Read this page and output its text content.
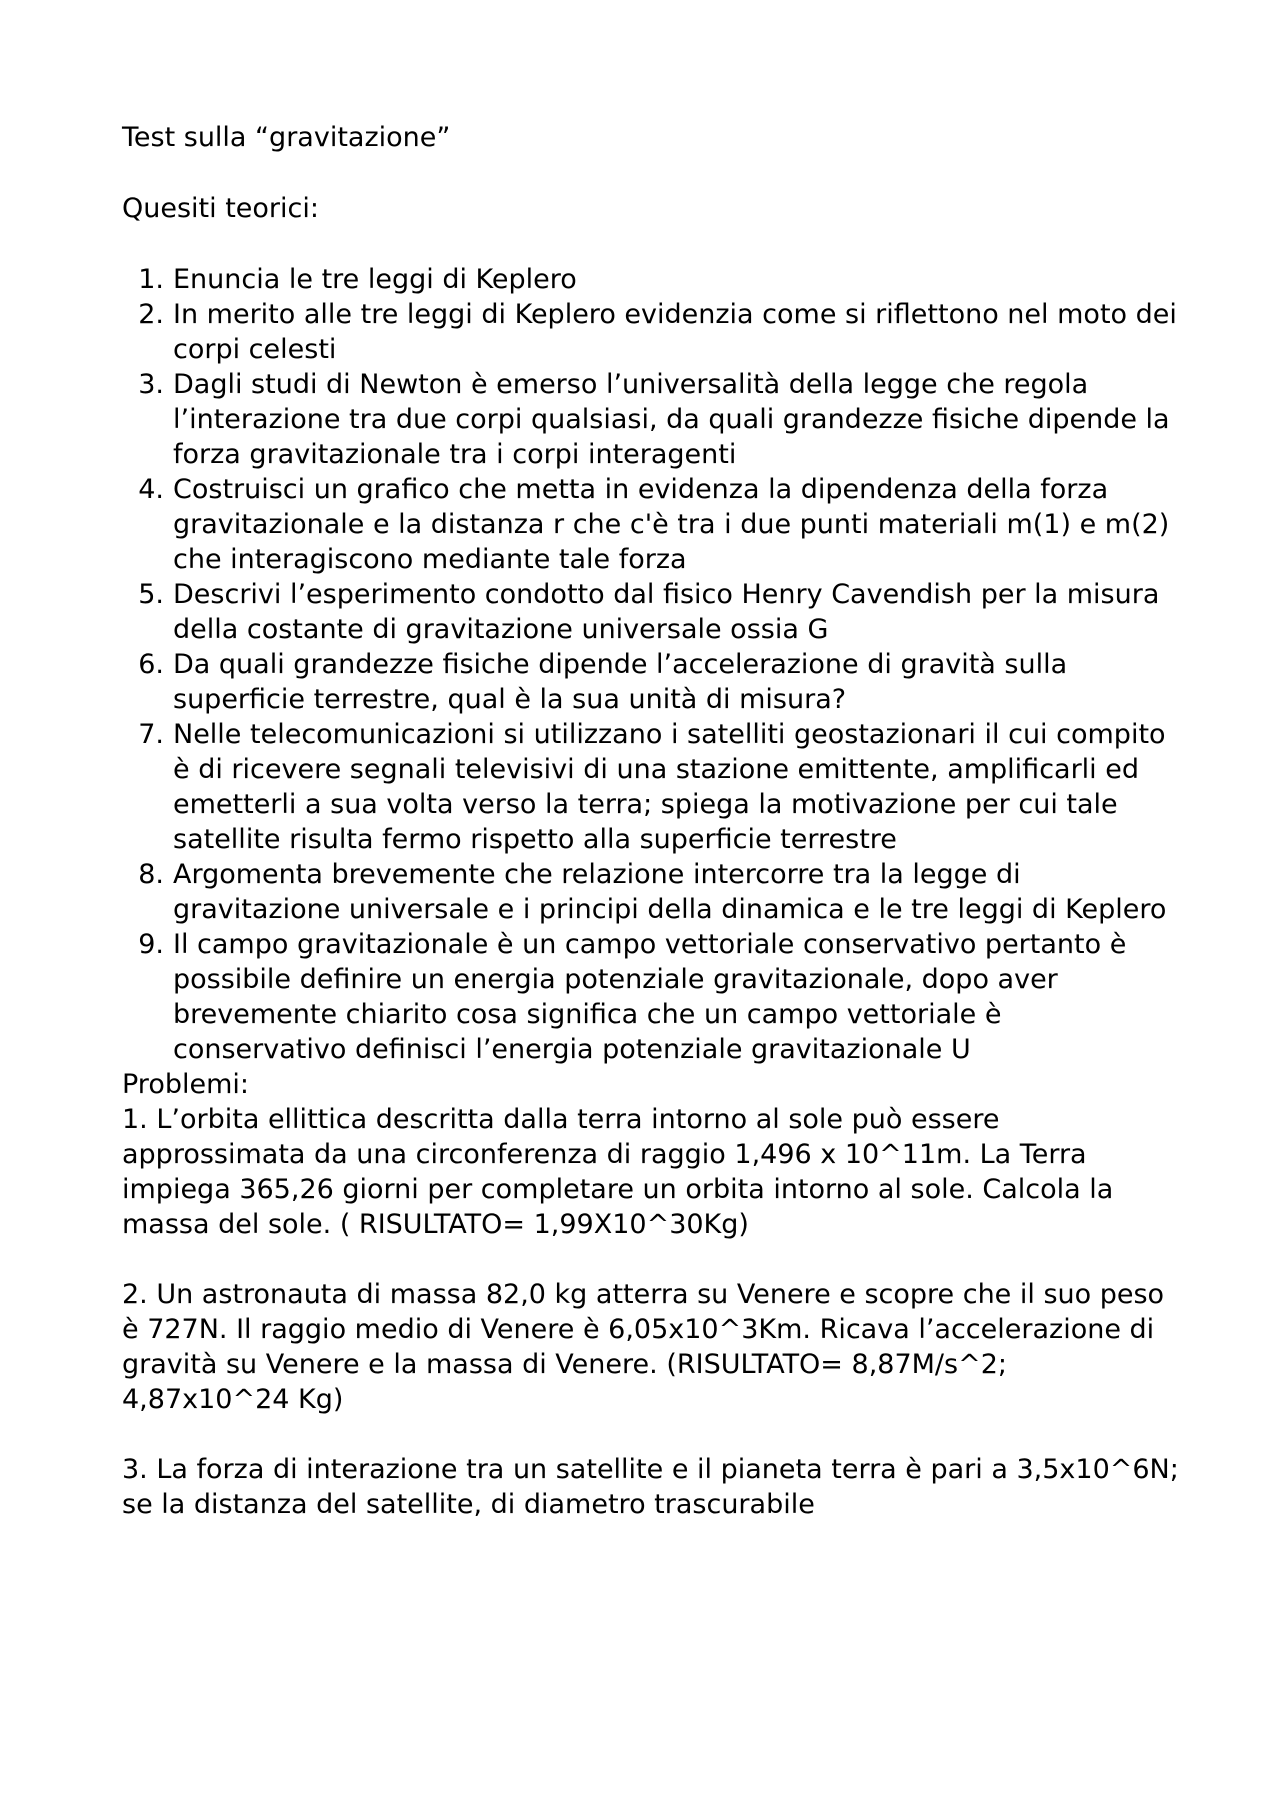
Test sulla “gravitazione”

Quesiti teorici:

1. Enuncia le tre leggi di Keplero
2. In merito alle tre leggi di Keplero evidenzia come si riflettono nel moto dei corpi celesti
3. Dagli studi di Newton è emerso l’universalità della legge che regola l’interazione tra due corpi qualsiasi, da quali grandezze fisiche dipende la forza gravitazionale tra i corpi interagenti
4. Costruisci un grafico che metta in evidenza la dipendenza della forza gravitazionale e la distanza r che c'è tra i due punti materiali m(1) e m(2) che interagiscono mediante tale forza
5. Descrivi l’esperimento condotto dal fisico Henry Cavendish per la misura della costante di gravitazione universale ossia G
6. Da quali grandezze fisiche dipende l’accelerazione di gravità sulla superficie terrestre, qual è la sua unità di misura?
7. Nelle telecomunicazioni si utilizzano i satelliti geostazionari il cui compito è di ricevere segnali televisivi di una stazione emittente, amplificarli ed emetterli a sua volta verso la terra; spiega la motivazione per cui tale satellite risulta fermo rispetto alla superficie terrestre
8. Argomenta brevemente che relazione intercorre tra la legge di gravitazione universale e i principi della dinamica e le tre leggi di Keplero
9. Il campo gravitazionale è un campo vettoriale conservativo pertanto è possibile definire un energia potenziale gravitazionale, dopo aver brevemente chiarito cosa significa che un campo vettoriale è conservativo definisci l’energia potenziale gravitazionale U

Problemi:

1. L’orbita ellittica descritta dalla terra intorno al sole può essere approssimata da una circonferenza di raggio 1,496 x 10^11m. La Terra impiega 365,26 giorni per completare un orbita intorno al sole. Calcola la massa del sole. ( RISULTATO= 1,99X10^30Kg)

2. Un astronauta di massa 82,0 kg atterra su Venere e scopre che il suo peso è 727N. Il raggio medio di Venere è 6,05x10^3Km. Ricava l’accelerazione di gravità su Venere e la massa di Venere. (RISULTATO= 8,87M/s^2; 4,87x10^24 Kg)

3. La forza di interazione tra un satellite e il pianeta terra è pari a 3,5x10^6N; se la distanza del satellite, di diametro trascurabile
